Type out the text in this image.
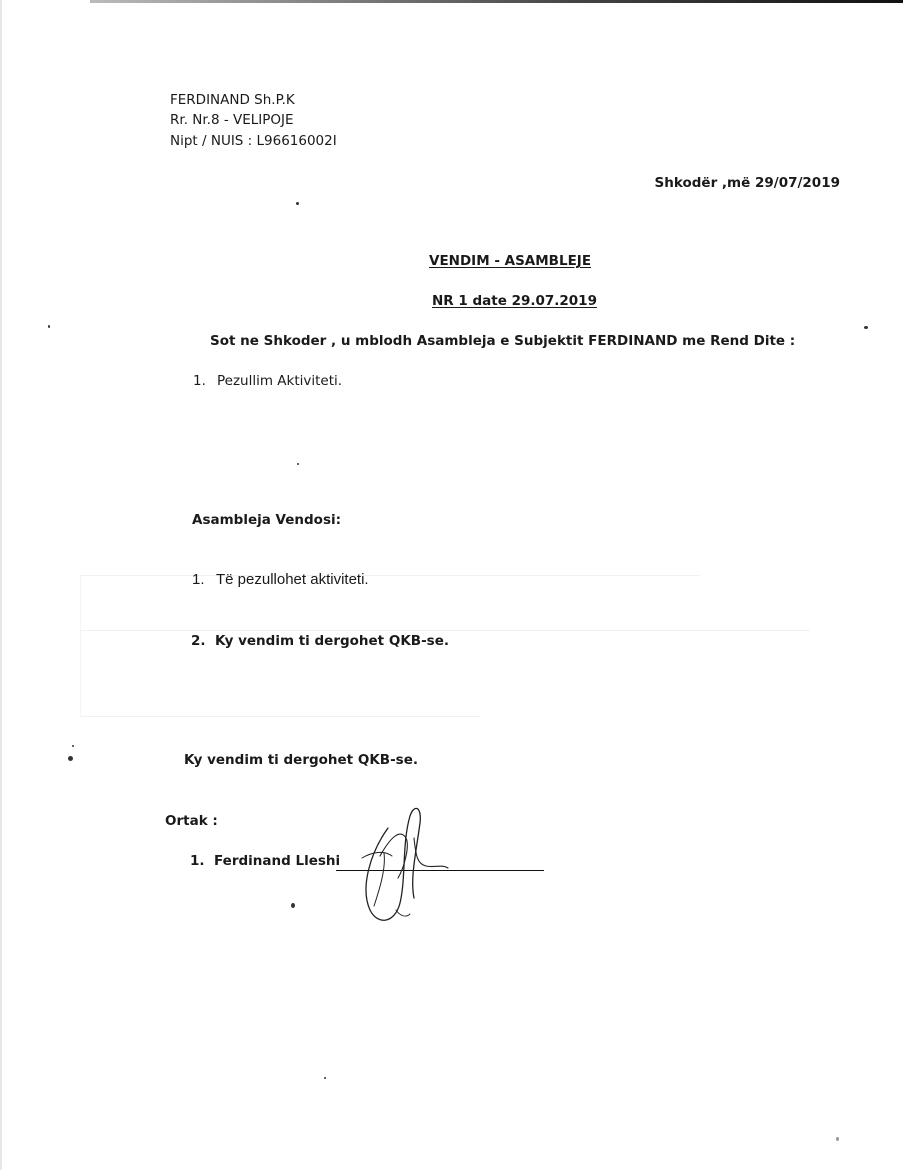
FERDINAND Sh.P.K
Rr. Nr.8 - VELIPOJE
Nipt / NUIS : L96616002I
Shkodër ,më 29/07/2019
VENDIM - ASAMBLEJE
NR 1 date 29.07.2019
Sot ne Shkoder , u mblodh Asambleja e Subjektit FERDINAND me Rend Dite :
1. Pezullim Aktiviteti.
Asambleja Vendosi:
1. Të pezullohet aktiviteti.
2. Ky vendim ti dergohet QKB-se.
Ky vendim ti dergohet QKB-se.
Ortak :
1. Ferdinand Lleshi
